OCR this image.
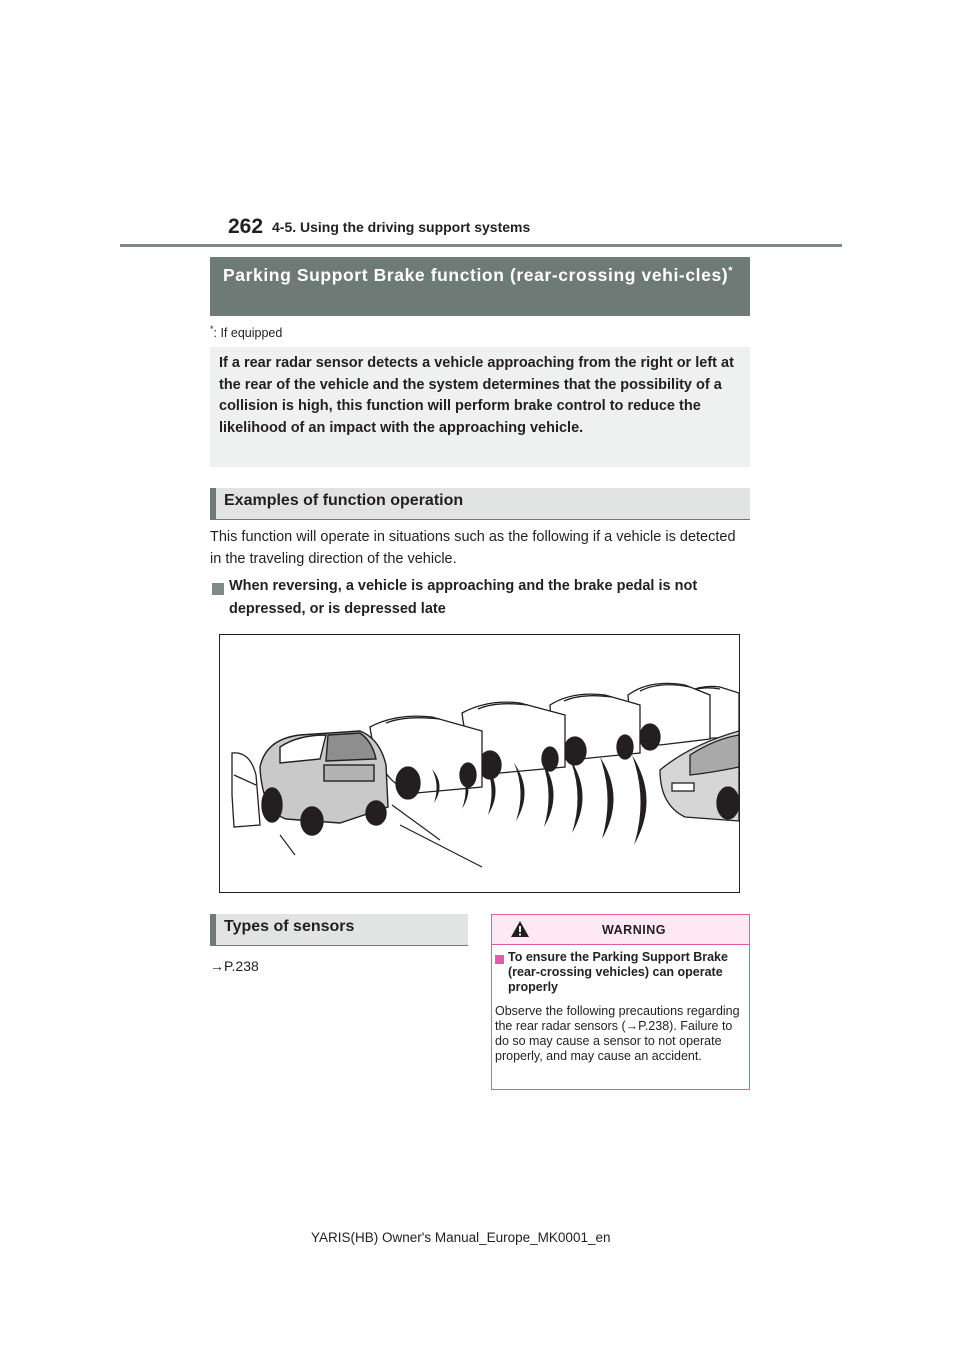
262 4-5. Using the driving support systems
Parking Support Brake function (rear-crossing vehi-cles)*
*: If equipped
If a rear radar sensor detects a vehicle approaching from the right or left at the rear of the vehicle and the system determines that the possibility of a collision is high, this function will perform brake control to reduce the likelihood of an impact with the approaching vehicle.
Examples of function operation
This function will operate in situations such as the following if a vehicle is detected in the traveling direction of the vehicle.
When reversing, a vehicle is approaching and the brake pedal is not depressed, or is depressed late
Types of sensors
→P.238
WARNING
To ensure the Parking Support Brake (rear-crossing vehicles) can operate properly
Observe the following precautions regarding the rear radar sensors (→P.238). Failure to do so may cause a sensor to not operate properly, and may cause an accident.
YARIS(HB) Owner's Manual_Europe_MK0001_en
